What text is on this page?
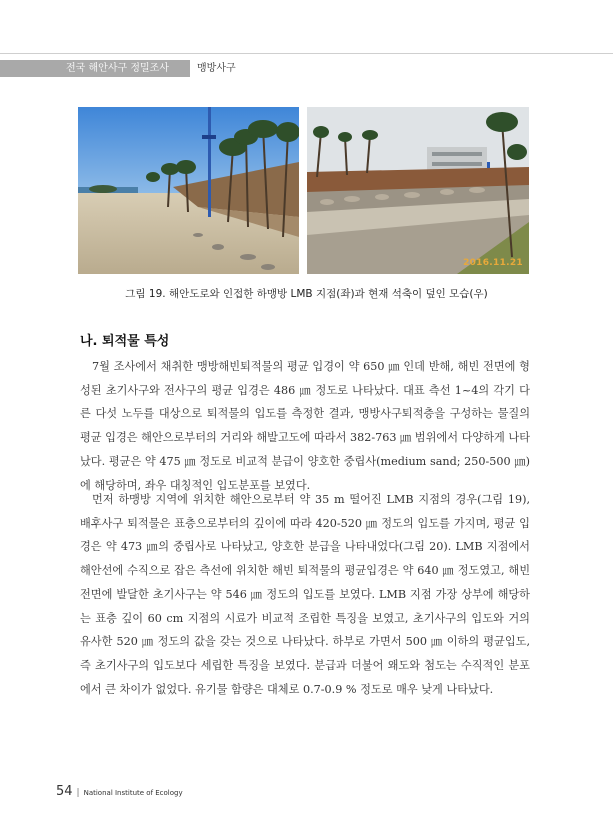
전국 해안사구 정밀조사	맹방사구
2016.11.21
그림 19. 해안도로와 인접한 하맹방 LMB 지점(좌)과 현재 석축이 덮인 모습(우)
나. 퇴적물 특성

7월 조사에서 채취한 맹방해빈퇴적물의 평균 입경이 약 650 ㎛ 인데 반해, 해빈 전면에 형성된 초기사구와 전사구의 평균 입경은 486 ㎛ 정도로 나타났다. 대표 측선 1~4의 각기 다른 다섯 노두를 대상으로 퇴적물의 입도를 측정한 결과, 맹방사구퇴적층을 구성하는 물질의 평균 입경은 해안으로부터의 거리와 해발고도에 따라서 382-763 ㎛ 범위에서 다양하게 나타났다. 평균은 약 475 ㎛ 정도로 비교적 분급이 양호한 중립사(medium sand; 250-500 ㎛)에 해당하며, 좌우 대칭적인 입도분포를 보였다.

먼저 하맹방 지역에 위치한 해안으로부터 약 35 m 떨어진 LMB 지점의 경우(그림 19), 배후사구 퇴적물은 표층으로부터의 깊이에 따라 420-520 ㎛ 정도의 입도를 가지며, 평균 입경은 약 473 ㎛의 중립사로 나타났고, 양호한 분급을 나타내었다(그림 20). LMB 지점에서 해안선에 수직으로 잡은 측선에 위치한 해빈 퇴적물의 평균입경은 약 640 ㎛ 정도였고, 해빈 전면에 발달한 초기사구는 약 546 ㎛ 정도의 입도를 보였다. LMB 지점 가장 상부에 해당하는 표층 깊이 60 cm 지점의 시료가 비교적 조립한 특징을 보였고, 초기사구의 입도와 거의 유사한 520 ㎛ 정도의 값을 갖는 것으로 나타났다. 하부로 가면서 500 ㎛ 이하의 평균입도, 즉 초기사구의 입도보다 세립한 특징을 보였다. 분급과 더불어 왜도와 첨도는 수직적인 분포에서 큰 차이가 없었다. 유기물 함량은 대체로 0.7-0.9 % 정도로 매우 낮게 나타났다.

54 | National Institute of Ecology
